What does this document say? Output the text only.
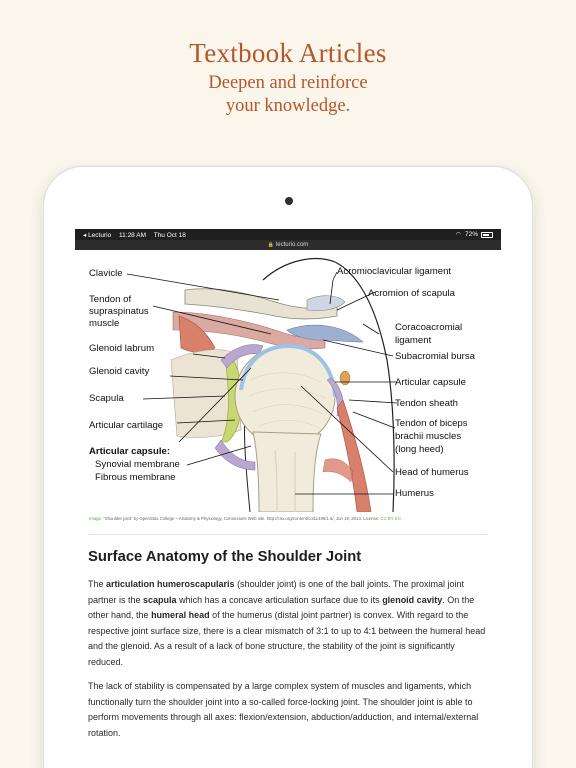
Textbook Articles
Deepen and reinforce
your knowledge.
◂ Lecturio 11:28 AM Thu Oct 18	◠ 72%
🔒 lecturio.com
Clavicle
Tendon of
supraspinatus
muscle
Glenoid labrum
Glenoid cavity
Scapula
Articular cartilage
Articular capsule:
Synovial membrane
Fibrous membrane
Acromioclavicular ligament
Acromion of scapula
Coracoacromial
ligament
Subacromial bursa
Articular capsule
Tendon sheath
Tendon of biceps
brachii muscles
(long heed)
Head of humerus
Humerus
Image: “Shoulder joint” by OpenStax College – Anatomy & Physiology, Connexions Web site. http://cnx.org/content/col11496/1.6/, Jun 19, 2013. License: CC BY 3.0
Surface Anatomy of the Shoulder Joint

The articulation humeroscapularis (shoulder joint) is one of the ball joints. The proximal joint partner is the scapula which has a concave articulation surface due to its glenoid cavity. On the other hand, the humeral head of the humerus (distal joint partner) is convex. With regard to the respective joint surface size, there is a clear mismatch of 3:1 to up to 4:1 between the humeral head and the glenoid. As a result of a lack of bone structure, the stability of the joint is significantly reduced.

The lack of stability is compensated by a large complex system of muscles and ligaments, which functionally turn the shoulder joint into a so-called force-locking joint. The shoulder joint is able to perform movements through all axes: flexion/extension, abduction/adduction, and internal/external rotation.
